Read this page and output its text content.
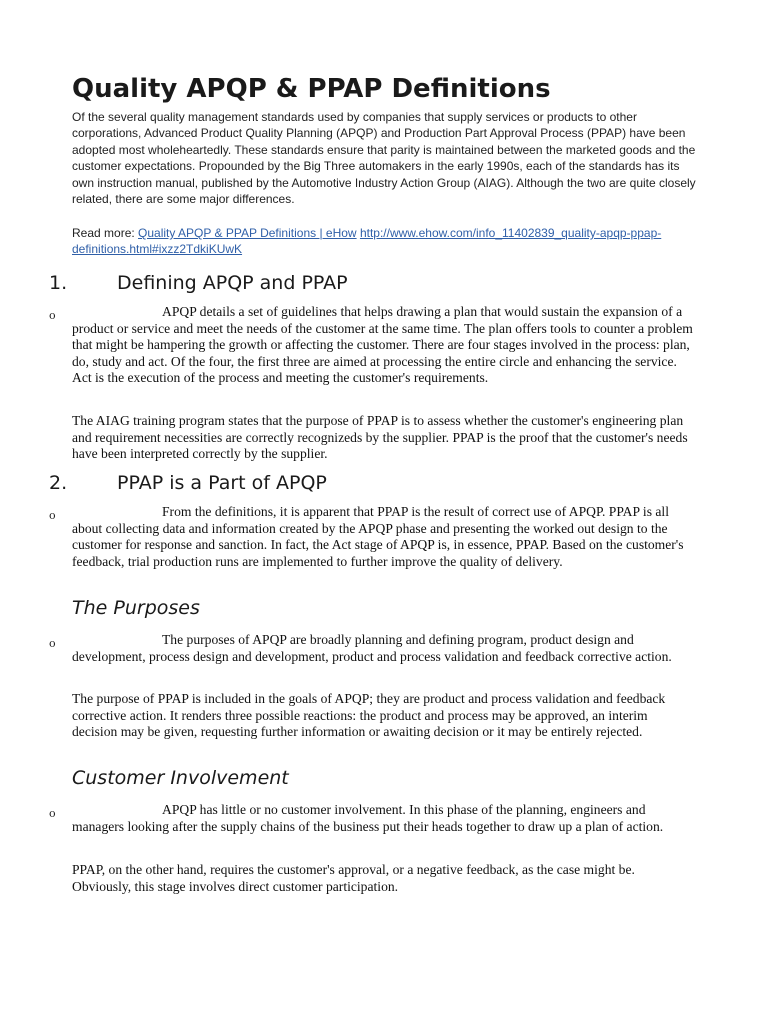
Quality APQP & PPAP Definitions

Of the several quality management standards used by companies that supply services or products to other corporations, Advanced Product Quality Planning (APQP) and Production Part Approval Process (PPAP) have been adopted most wholeheartedly. These standards ensure that parity is maintained between the marketed goods and the customer expectations. Propounded by the Big Three automakers in the early 1990s, each of the standards has its own instruction manual, published by the Automotive Industry Action Group (AIAG). Although the two are quite closely related, there are some major differences.

Read more: Quality APQP & PPAP Definitions | eHow http://www.ehow.com/info_11402839_quality-apqp-ppap-definitions.html#ixzz2TdkiKUwK

1.	Defining APQP and PPAP
o	APQP details a set of guidelines that helps drawing a plan that would sustain the expansion of a product or service and meet the needs of the customer at the same time. The plan offers tools to counter a problem that might be hampering the growth or affecting the customer. There are four stages involved in the process: plan, do, study and act. Of the four, the first three are aimed at processing the entire circle and enhancing the service. Act is the execution of the process and meeting the customer's requirements.

The AIAG training program states that the purpose of PPAP is to assess whether the customer's engineering plan and requirement necessities are correctly recognizeds by the supplier. PPAP is the proof that the customer's needs have been interpreted correctly by the supplier.

2.	PPAP is a Part of APQP
o	From the definitions, it is apparent that PPAP is the result of correct use of APQP. PPAP is all about collecting data and information created by the APQP phase and presenting the worked out design to the customer for response and sanction. In fact, the Act stage of APQP is, in essence, PPAP. Based on the customer's feedback, trial production runs are implemented to further improve the quality of delivery.

The Purposes
o	The purposes of APQP are broadly planning and defining program, product design and development, process design and development, product and process validation and feedback corrective action.

The purpose of PPAP is included in the goals of APQP; they are product and process validation and feedback corrective action. It renders three possible reactions: the product and process may be approved, an interim decision may be given, requesting further information or awaiting decision or it may be entirely rejected.

Customer Involvement
o	APQP has little or no customer involvement. In this phase of the planning, engineers and managers looking after the supply chains of the business put their heads together to draw up a plan of action.

PPAP, on the other hand, requires the customer's approval, or a negative feedback, as the case might be. Obviously, this stage involves direct customer participation.
